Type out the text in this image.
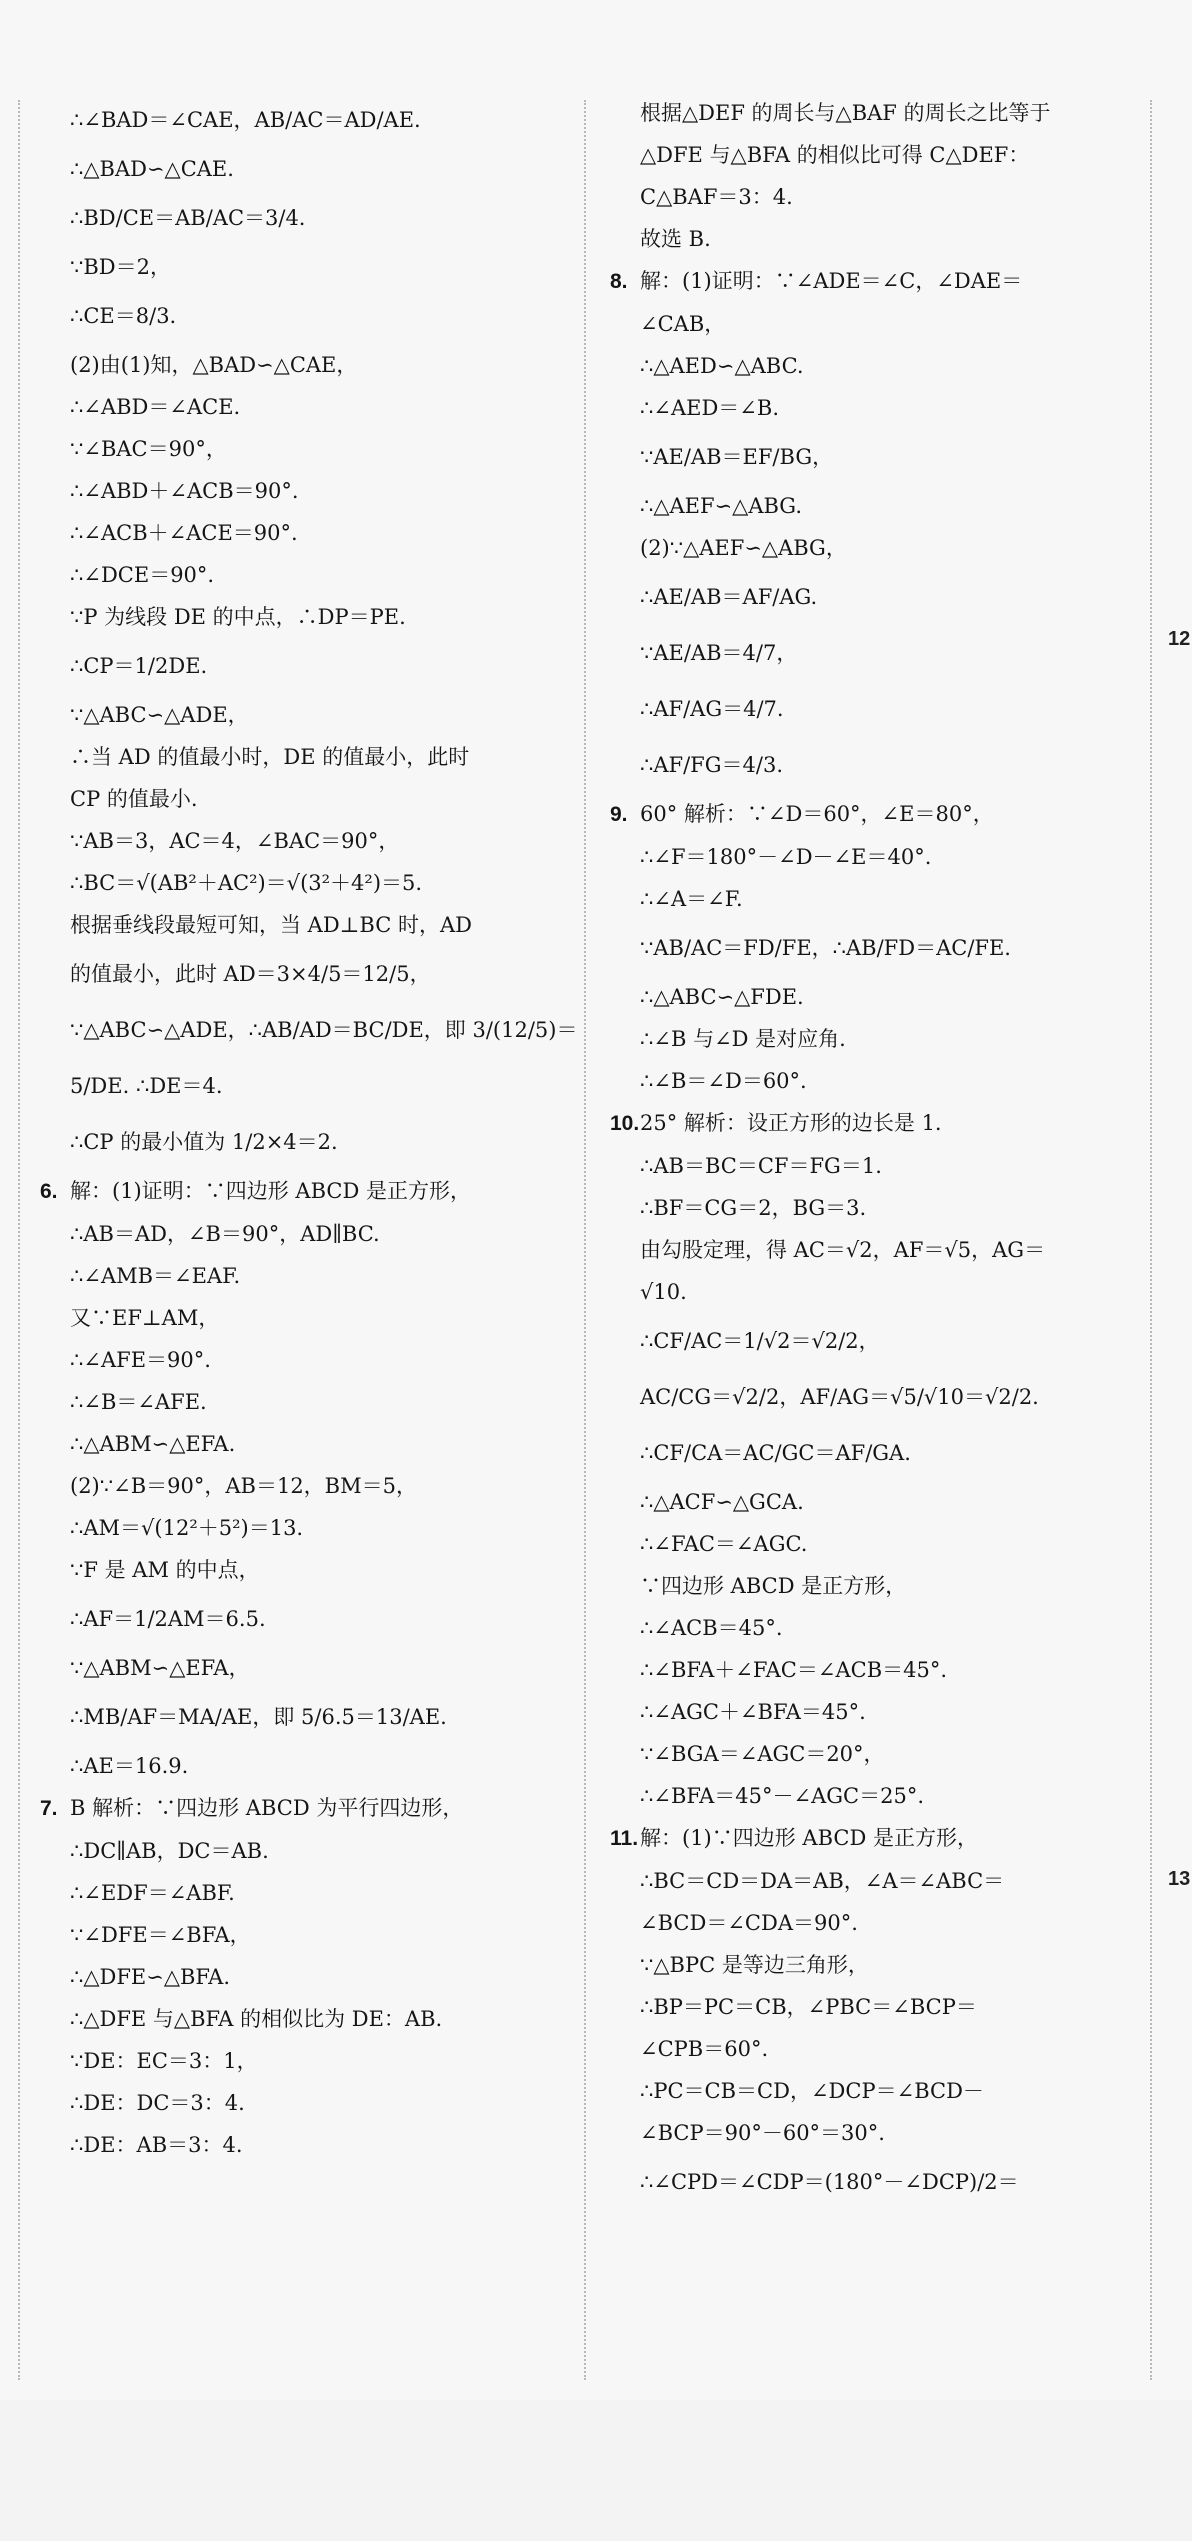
∴∠BAD＝∠CAE，AB/AC＝AD/AE.
∴△BAD∽△CAE.
∴BD/CE＝AB/AC＝3/4.
∵BD＝2，
∴CE＝8/3.
(2)由(1)知，△BAD∽△CAE，
∴∠ABD＝∠ACE.
∵∠BAC＝90°，
∴∠ABD＋∠ACB＝90°.
∴∠ACB＋∠ACE＝90°.
∴∠DCE＝90°.
∵P 为线段 DE 的中点，∴DP＝PE.
∴CP＝1/2DE.
∵△ABC∽△ADE，
∴当 AD 的值最小时，DE 的值最小，此时
CP 的值最小.
∵AB＝3，AC＝4，∠BAC＝90°，
∴BC＝√(AB²＋AC²)＝√(3²＋4²)＝5.
根据垂线段最短可知，当 AD⊥BC 时，AD
的值最小，此时 AD＝3×4/5＝12/5，
∵△ABC∽△ADE，∴AB/AD＝BC/DE，即 3/(12/5)＝
5/DE. ∴DE＝4.
∴CP 的最小值为 1/2×4＝2.
6. 解：(1)证明：∵四边形 ABCD 是正方形，
∴AB＝AD，∠B＝90°，AD∥BC.
∴∠AMB＝∠EAF.
又∵EF⊥AM，
∴∠AFE＝90°.
∴∠B＝∠AFE.
∴△ABM∽△EFA.
(2)∵∠B＝90°，AB＝12，BM＝5，
∴AM＝√(12²＋5²)＝13.
∵F 是 AM 的中点，
∴AF＝1/2AM＝6.5.
∵△ABM∽△EFA，
∴MB/AF＝MA/AE，即 5/6.5＝13/AE.
∴AE＝16.9.
7. B 解析：∵四边形 ABCD 为平行四边形，
∴DC∥AB，DC＝AB.
∴∠EDF＝∠ABF.
∵∠DFE＝∠BFA，
∴△DFE∽△BFA.
∴△DFE 与△BFA 的相似比为 DE：AB.
∵DE：EC＝3：1，
∴DE：DC＝3：4.
∴DE：AB＝3：4.
根据△DEF 的周长与△BAF 的周长之比等于
△DFE 与△BFA 的相似比可得 C△DEF：
C△BAF＝3：4.
故选 B.
8. 解：(1)证明：∵∠ADE＝∠C，∠DAE＝
∠CAB，
∴△AED∽△ABC.
∴∠AED＝∠B.
∵AE/AB＝EF/BG，
∴△AEF∽△ABG.
(2)∵△AEF∽△ABG，
∴AE/AB＝AF/AG.
∵AE/AB＝4/7，
∴AF/AG＝4/7.
∴AF/FG＝4/3.
9. 60° 解析：∵∠D＝60°，∠E＝80°，
∴∠F＝180°－∠D－∠E＝40°.
∴∠A＝∠F.
∵AB/AC＝FD/FE，∴AB/FD＝AC/FE.
∴△ABC∽△FDE.
∴∠B 与∠D 是对应角.
∴∠B＝∠D＝60°.
10.25° 解析：设正方形的边长是 1.
∴AB＝BC＝CF＝FG＝1.
∴BF＝CG＝2，BG＝3.
由勾股定理，得 AC＝√2，AF＝√5，AG＝
√10.
∴CF/AC＝1/√2＝√2/2，
AC/CG＝√2/2，AF/AG＝√5/√10＝√2/2.
∴CF/CA＝AC/GC＝AF/GA.
∴△ACF∽△GCA.
∴∠FAC＝∠AGC.
∵四边形 ABCD 是正方形，
∴∠ACB＝45°.
∴∠BFA＋∠FAC＝∠ACB＝45°.
∴∠AGC＋∠BFA＝45°.
∵∠BGA＝∠AGC＝20°，
∴∠BFA＝45°－∠AGC＝25°.
11.解：(1)∵四边形 ABCD 是正方形，
∴BC＝CD＝DA＝AB，∠A＝∠ABC＝
∠BCD＝∠CDA＝90°.
∵△BPC 是等边三角形，
∴BP＝PC＝CB，∠PBC＝∠BCP＝
∠CPB＝60°.
∴PC＝CB＝CD，∠DCP＝∠BCD－
∠BCP＝90°－60°＝30°.
∴∠CPD＝∠CDP＝(180°－∠DCP)/2＝
12
13
